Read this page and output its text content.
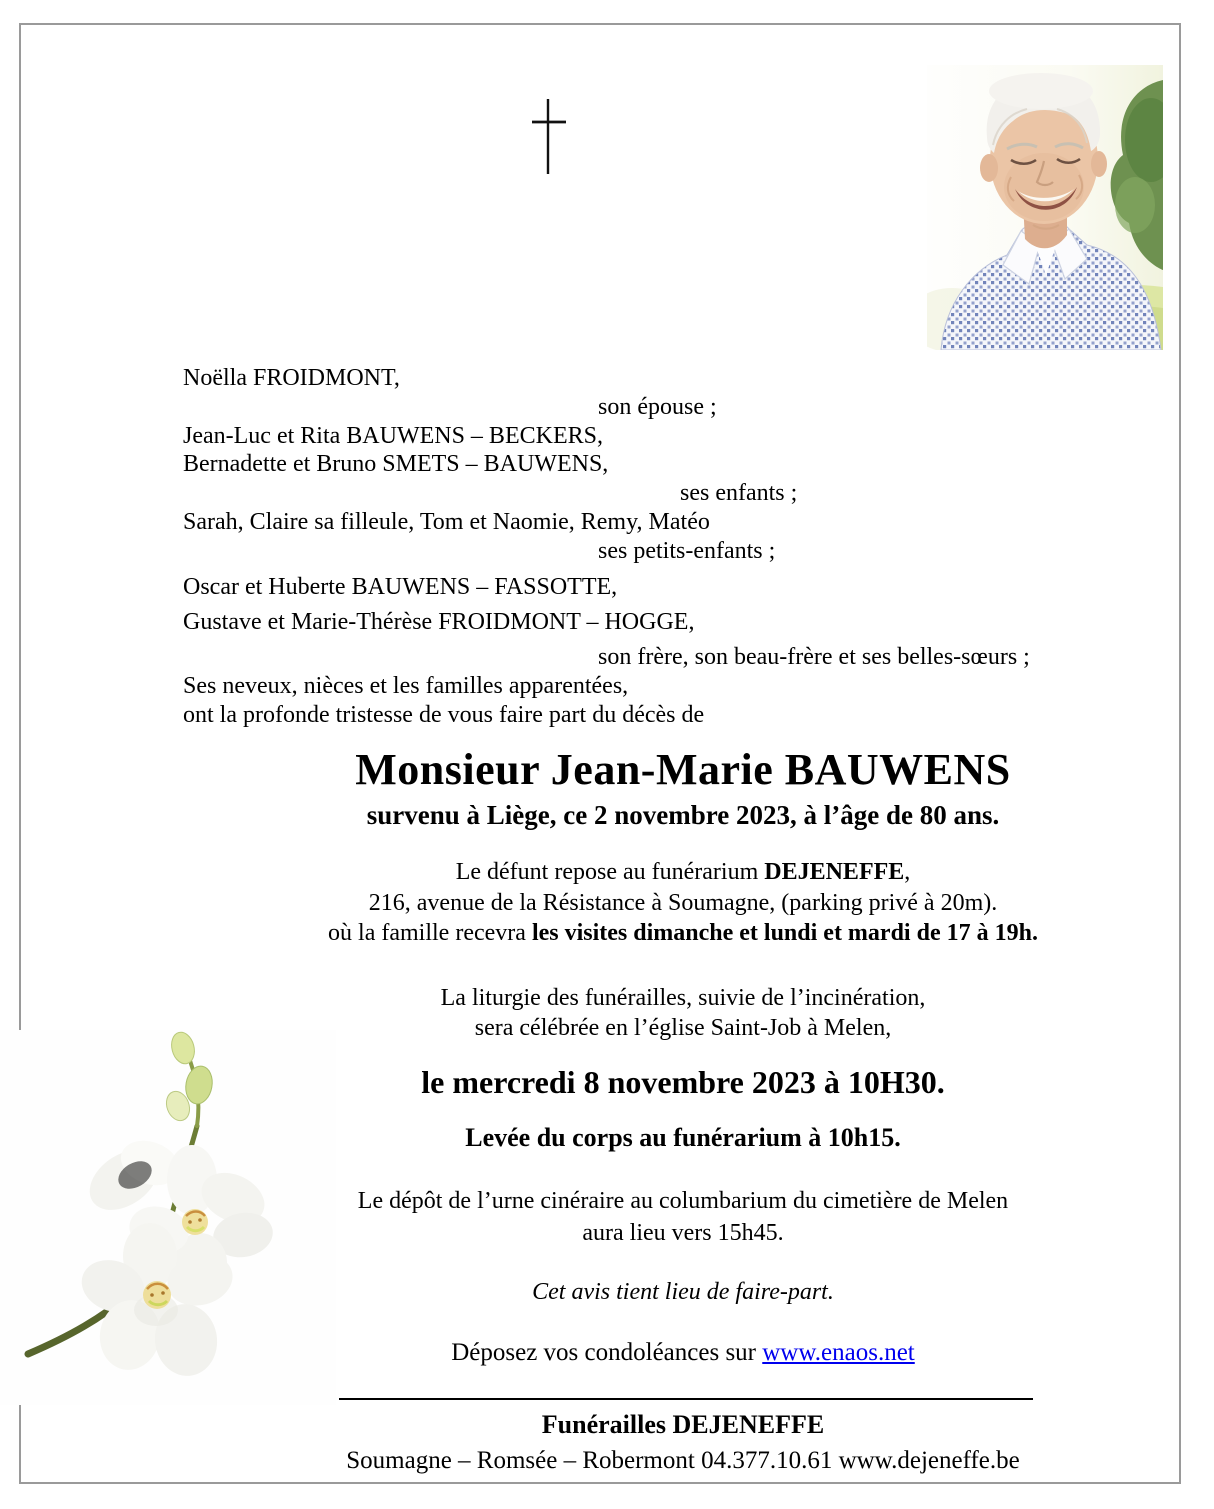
Noëlla FROIDMONT,
son épouse ;
Jean-Luc et Rita BAUWENS – BECKERS,
Bernadette et Bruno SMETS – BAUWENS,
ses enfants ;
Sarah, Claire sa filleule, Tom et Naomie, Remy, Matéo
ses petits-enfants ;
Oscar et Huberte BAUWENS – FASSOTTE,
Gustave et Marie-Thérèse FROIDMONT – HOGGE,
son frère, son beau-frère et ses belles-sœurs ;
Ses neveux, nièces et les familles apparentées,
ont la profonde tristesse de vous faire part du décès de
Monsieur Jean-Marie BAUWENS
survenu à Liège, ce 2 novembre 2023, à l’âge de 80 ans.
Le défunt repose au funérarium DEJENEFFE,
216, avenue de la Résistance à Soumagne, (parking privé à 20m).
où la famille recevra les visites dimanche et lundi et mardi de 17 à 19h.
La liturgie des funérailles, suivie de l’incinération,
sera célébrée en l’église Saint-Job à Melen,
le mercredi 8 novembre 2023 à 10H30.
Levée du corps au funérarium à 10h15.
Le dépôt de l’urne cinéraire au columbarium du cimetière de Melen
aura lieu vers 15h45.
Cet avis tient lieu de faire-part.
Déposez vos condoléances sur www.enaos.net
Funérailles DEJENEFFE
Soumagne – Romsée – Robermont 04.377.10.61 www.dejeneffe.be
